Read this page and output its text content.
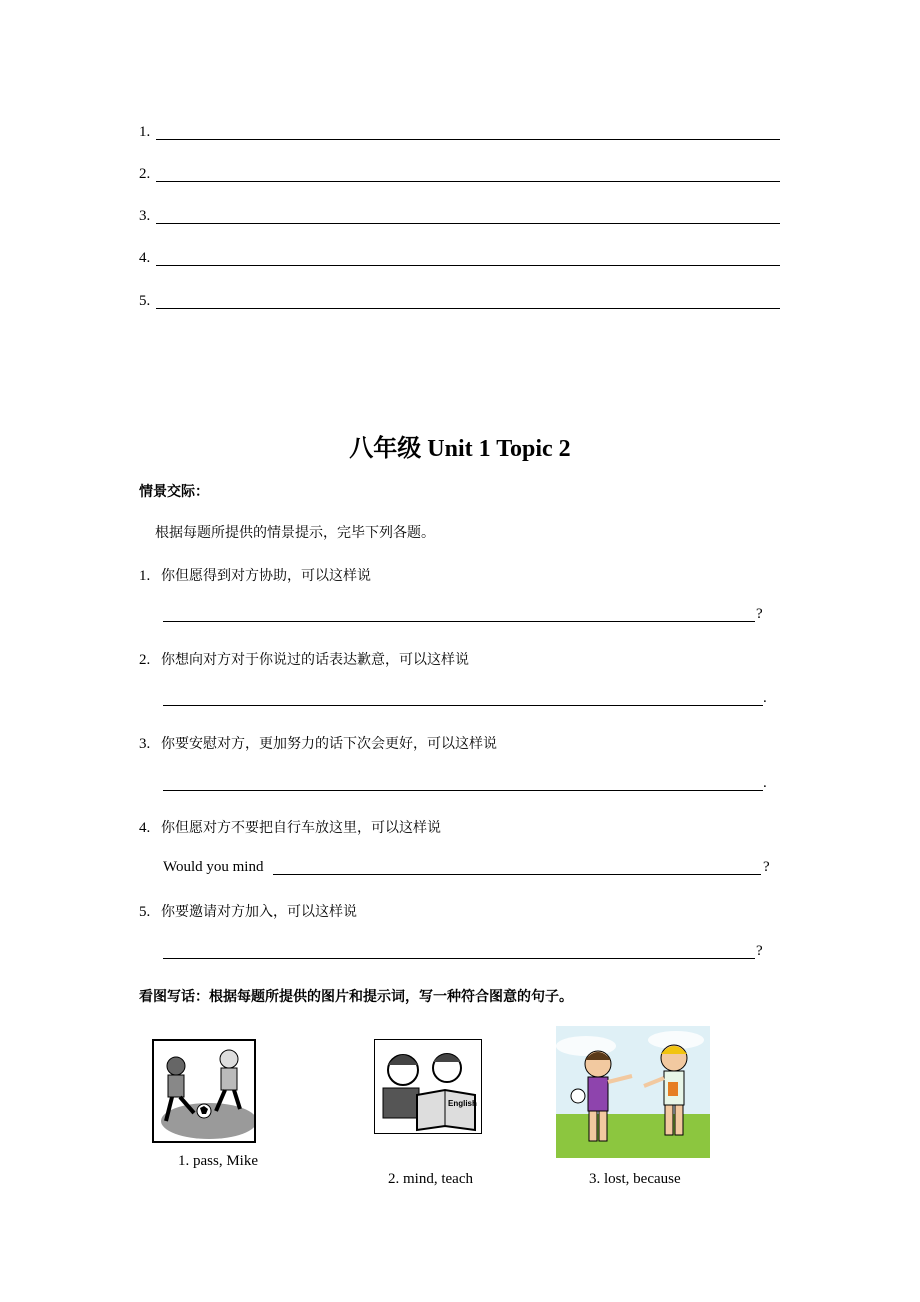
1.
2.
3.
4.
5.
八年级 Unit 1 Topic 2
情景交际：
根据每题所提供的情景提示，完毕下列各题。
1. 你但愿得到对方协助，可以这样说
?
2. 你想向对方对于你说过的话表达歉意，可以这样说
.
3. 你要安慰对方，更加努力的话下次会更好，可以这样说
.
4. 你但愿对方不要把自行车放这里，可以这样说
Would you mind	?
5. 你要邀请对方加入，可以这样说
?
看图写话：根据每题所提供的图片和提示词，写一种符合图意的句子。
1. pass, Mike
English
2. mind, teach	3. lost, because
